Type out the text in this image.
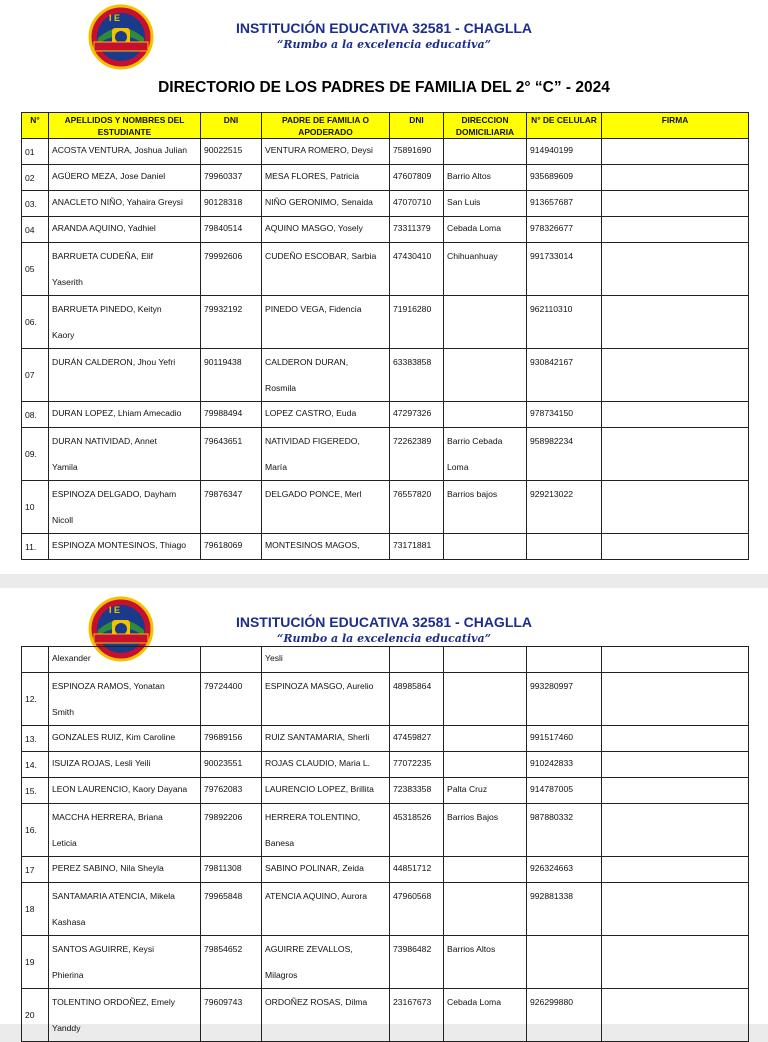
I E
INSTITUCIÓN EDUCATIVA 32581 - CHAGLLA
“Rumbo a la excelencia educativa”
DIRECTORIO DE LOS PADRES DE FAMILIA DEL 2° “C” - 2024
N°	APELLIDOS Y NOMBRES DEL ESTUDIANTE	DNI	PADRE DE FAMILIA O APODERADO	DNI	DIRECCION DOMICILIARIA	N° DE CELULAR	FIRMA
01	ACOSTA VENTURA, Joshua Julian	90022515	VENTURA ROMERO, Deysi	75891690		914940199	
02	AGÜERO MEZA, Jose Daniel	79960337	MESA FLORES, Patricia	47607809	Barrio Altos	935689609	
03.	ANACLETO NIÑO, Yahaira Greysi	90128318	NIÑO GERONIMO, Senaida	47070710	San Luis	913657687	
04	ARANDA AQUINO, Yadhiel	79840514	AQUINO MASGO, Yosely	73311379	Cebada Loma	978326677	
05	BARRUETA CUDEÑA, Elif
Yaserith	79992606	CUDEÑO ESCOBAR, Sarbia	47430410	Chihuanhuay	991733014	
06.	BARRUETA PINEDO, Keityn
Kaory	79932192	PINEDO VEGA, Fidencia	71916280		962110310	
07	DURÁN CALDERON, Jhou Yefri	90119438	CALDERON DURAN,
Rosmila	63383858		930842167	
08.	DURAN LOPEZ, Lhiam Amecadio	79988494	LOPEZ CASTRO, Euda	47297326		978734150	
09.	DURAN NATIVIDAD, Annet
Yamila	79643651	NATIVIDAD FIGEREDO,
María	72262389	Barrio Cebada
Loma	958982234	
10	ESPINOZA DELGADO, Dayham
Nicoll	79876347	DELGADO PONCE, Merl	76557820	Barrios bajos	929213022	
11.	ESPINOZA MONTESINOS, Thiago	79618069	MONTESINOS MAGOS,	73171881	

I E
INSTITUCIÓN EDUCATIVA 32581 - CHAGLLA
“Rumbo a la excelencia educativa”
	Alexander		Yesli

12.	ESPINOZA RAMOS, Yonatan
Smith	79724400	ESPINOZA MASGO, Aurelio	48985864		993280997	
13.	GONZALES RUIZ, Kim Caroline	79689156	RUIZ SANTAMARIA, Sherli	47459827		991517460	
14.	ISUIZA ROJAS, Lesli Yeili	90023551	ROJAS CLAUDIO, Maria L.	77072235		910242833	
15.	LEON LAURENCIO, Kaory Dayana	79762083	LAURENCIO LOPEZ, Brillita	72383358	Palta Cruz	914787005	
16.	MACCHA HERRERA, Briana
Leticia	79892206	HERRERA TOLENTINO,
Banesa	45318526	Barrios Bajos	987880332	
17	PEREZ SABINO, Nila Sheyla	79811308	SABINO POLINAR, Zeida	44851712		926324663	
18	SANTAMARIA ATENCIA, Mikela
Kashasa	79965848	ATENCIA AQUINO, Aurora	47960568		992881338	
19	SANTOS AGUIRRE, Keysi
Phierina	79854652	AGUIRRE ZEVALLOS,
Milagros	73986482	Barrios Altos

20	TOLENTINO ORDOÑEZ, Emely
Yanddy	79609743	ORDOÑEZ ROSAS, Dilma	23167673	Cebada Loma	926299880	
